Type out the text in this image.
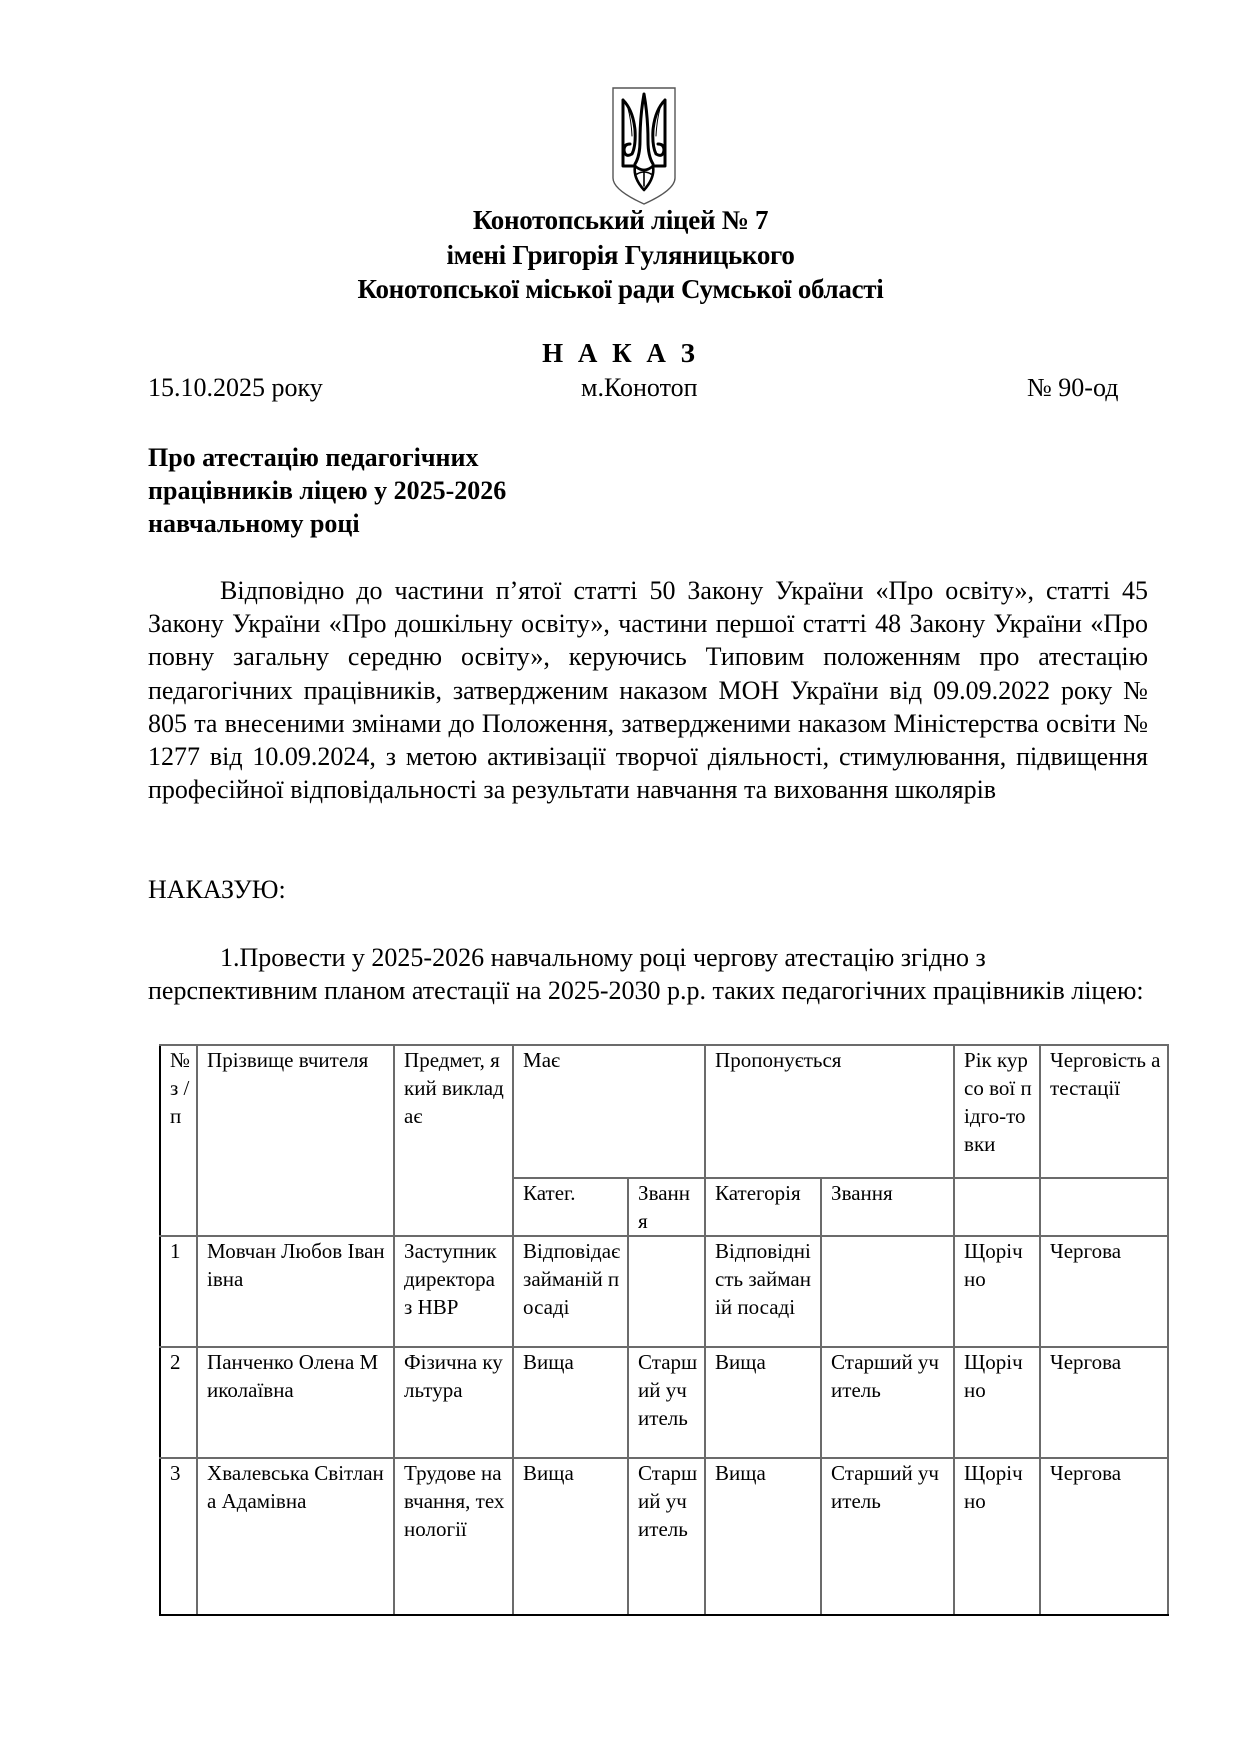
Конотопський ліцей № 7
імені Григорія Гуляницького
Конотопської міської ради Сумської області
Н А К А З
15.10.2025 року	м.Конотоп	№ 90-од
Про атестацію педагогічних
працівників ліцею у 2025-2026
навчальному році
Відповідно до частини п’ятої статті 50 Закону України «Про освіту», статті 45 Закону України «Про дошкільну освіту», частини першої статті 48 Закону України «Про повну загальну середню освіту», керуючись Типовим положенням про атестацію педагогічних працівників, затвердженим наказом МОН України від 09.09.2022 року № 805 та внесеними змінами до Положення, затвердженими наказом Міністерства освіти № 1277 від 10.09.2024, з метою активізації творчої діяльності, стимулювання, підвищення професійної відповідальності за результати навчання та виховання школярів
НАКАЗУЮ:
1.Провести у 2025-2026 навчальному році чергову атестацію згідно з перспективним планом атестації на 2025-2030 р.р. таких педагогічних працівників ліцею:
№ з / п	Прізвище вчителя	Предмет, який викладає	Має		Пропонується		Рік курсо вої підго-товки	Черговість атестації
			Катег.	Звання	Категорія	Звання		
1	Мовчан Любов Іванівна	Заступник директора з НВР	Відповідає займаній посаді		Відповідність займаній посаді		Щорічно	Чергова
2	Панченко Олена Миколаївна	Фізична культура	Вища	Старший учитель	Вища	Старший учитель	Щорічно	Чергова
3	Хвалевська Світлана Адамівна	Трудове навчання, технології	Вища	Старший учитель	Вища	Старший учитель	Щорічно	Чергова
